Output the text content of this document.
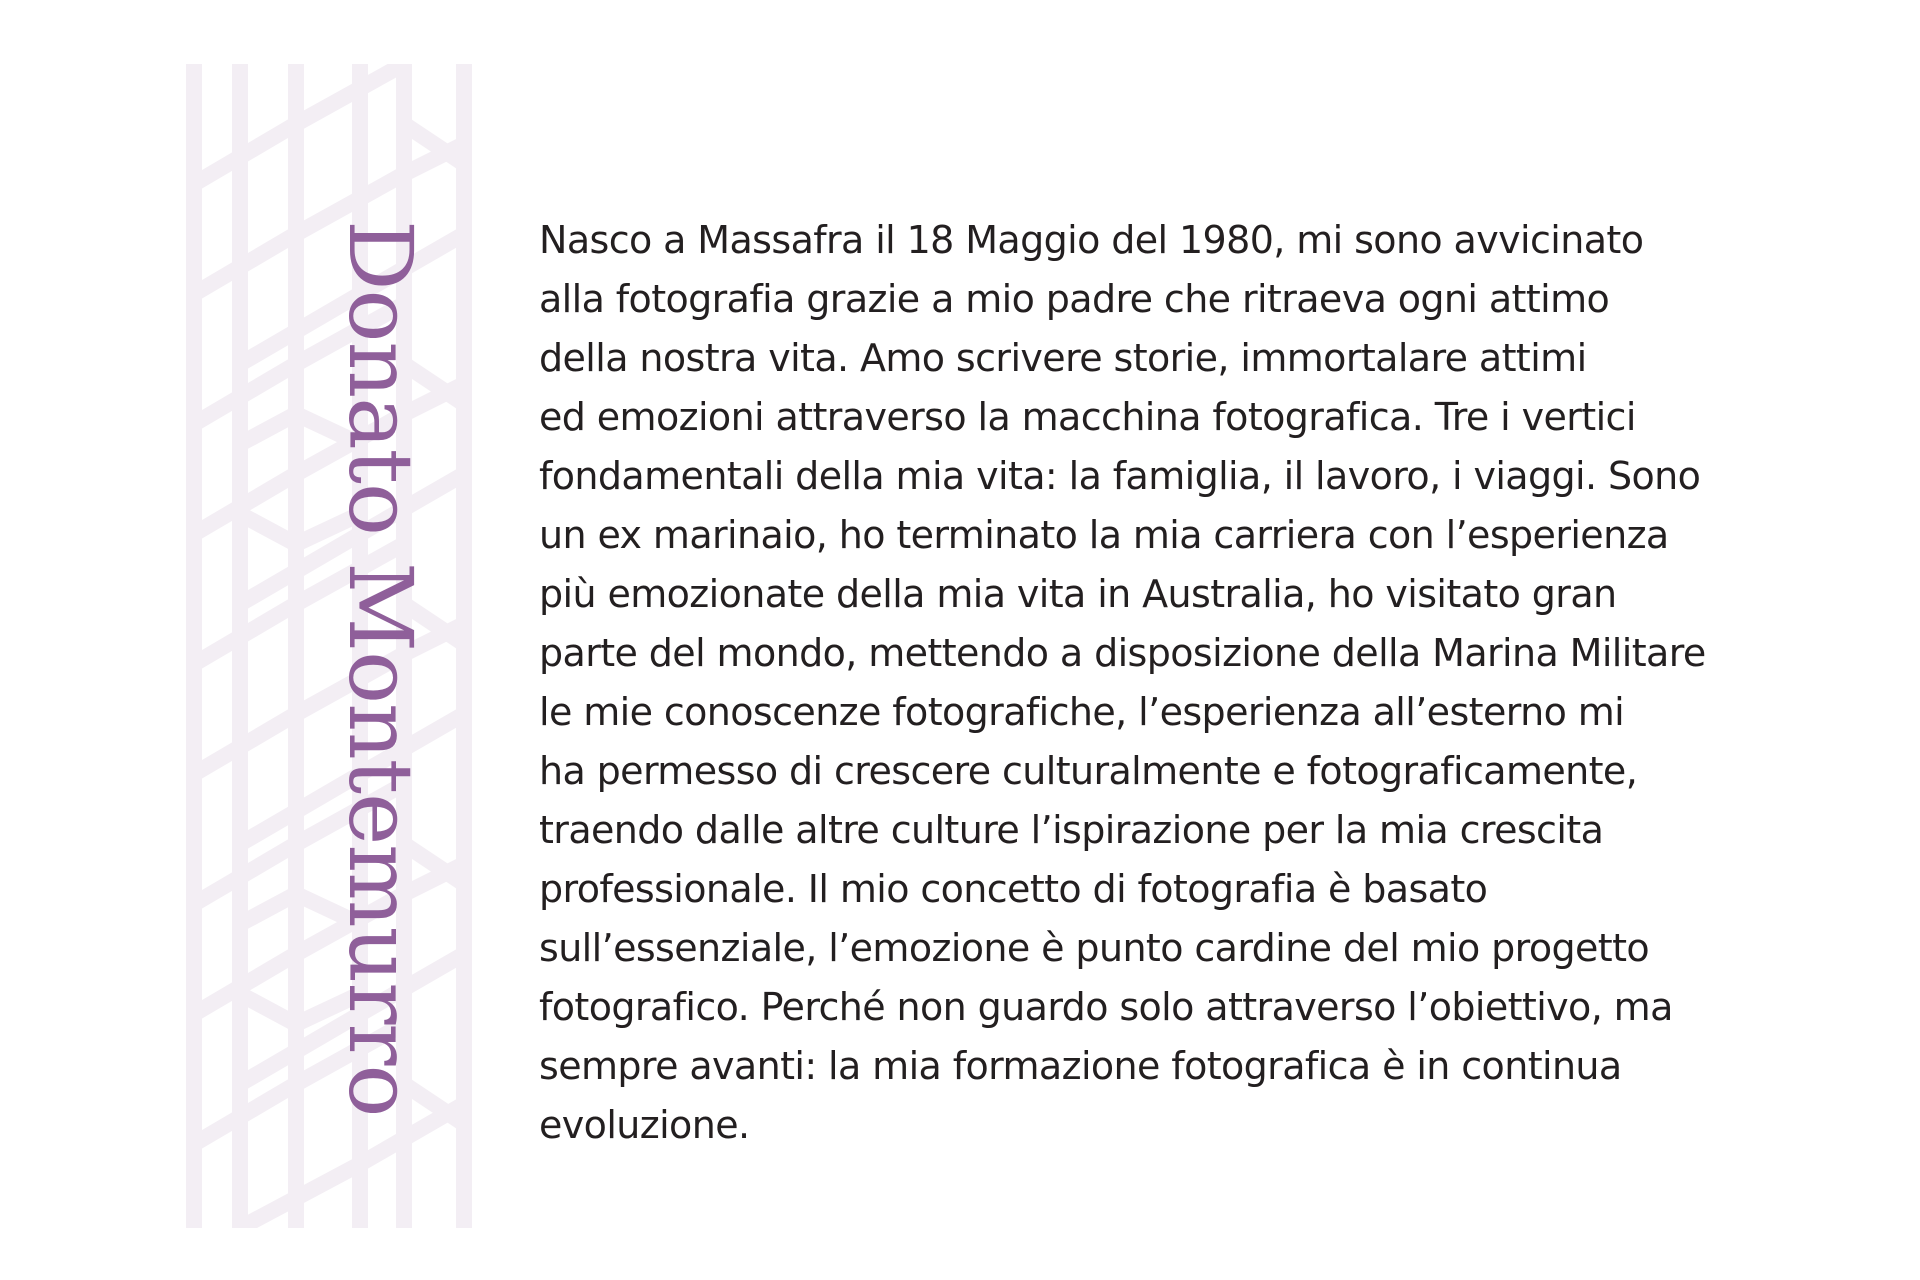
Donato Montemurro	Nasco a Massafra il 18 Maggio del 1980, mi sono avvicinato
alla fotografia grazie a mio padre che ritraeva ogni attimo
della nostra vita. Amo scrivere storie, immortalare attimi
ed emozioni attraverso la macchina fotografica. Tre i vertici
fondamentali della mia vita: la famiglia, il lavoro, i viaggi. Sono
un ex marinaio, ho terminato la mia carriera con l’esperienza
più emozionate della mia vita in Australia, ho visitato gran
parte del mondo, mettendo a disposizione della Marina Militare
le mie conoscenze fotografiche, l’esperienza all’esterno mi
ha permesso di crescere culturalmente e fotograficamente,
traendo dalle altre culture l’ispirazione per la mia crescita
professionale. Il mio concetto di fotografia è basato
sull’essenziale, l’emozione è punto cardine del mio progetto
fotografico. Perché non guardo solo attraverso l’obiettivo, ma
sempre avanti: la mia formazione fotografica è in continua
evoluzione.
